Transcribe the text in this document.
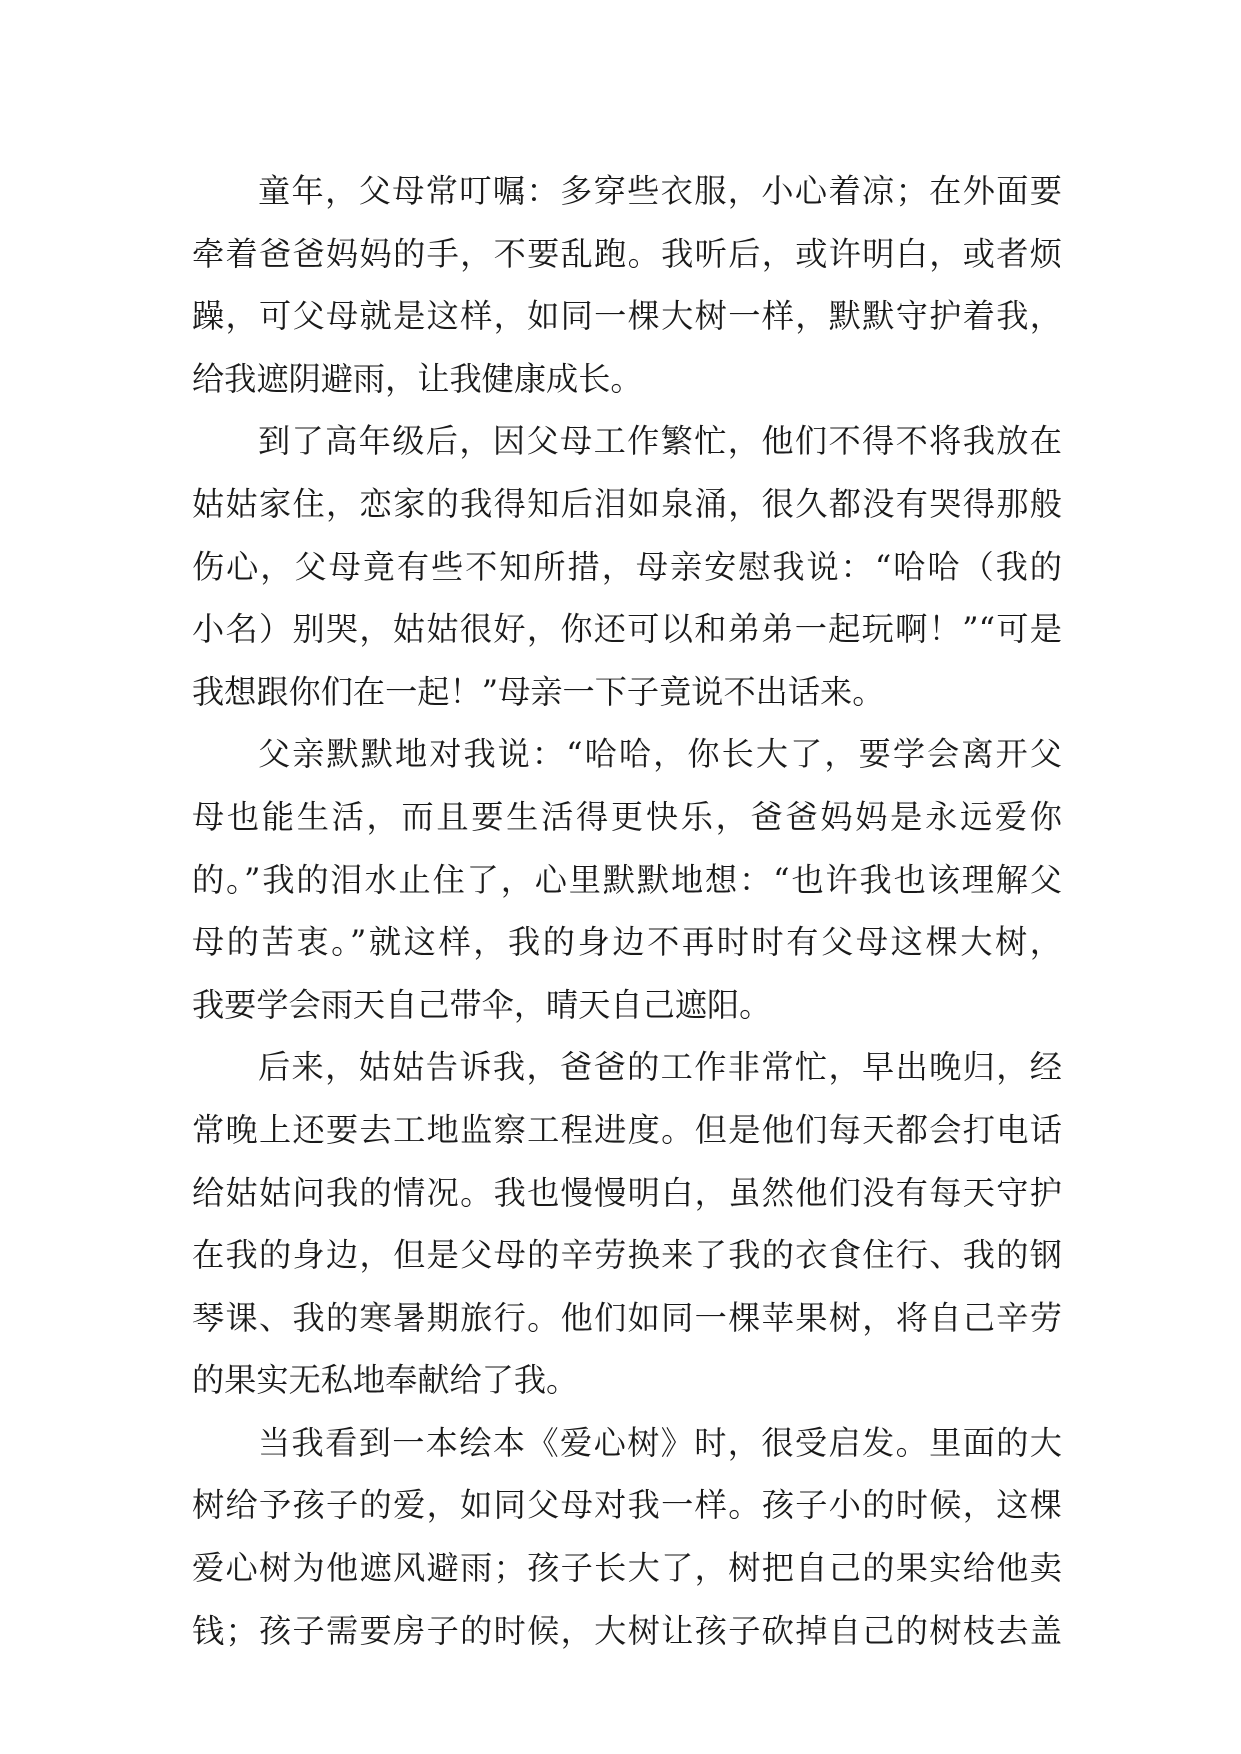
童年，父母常叮嘱：多穿些衣服，小心着凉；在外面要
牵着爸爸妈妈的手，不要乱跑。我听后，或许明白，或者烦
躁，可父母就是这样，如同一棵大树一样，默默守护着我，
给我遮阴避雨，让我健康成长。
到了高年级后，因父母工作繁忙，他们不得不将我放在
姑姑家住，恋家的我得知后泪如泉涌，很久都没有哭得那般
伤心，父母竟有些不知所措，母亲安慰我说：“哈哈（我的
小名）别哭，姑姑很好，你还可以和弟弟一起玩啊！”“可是
我想跟你们在一起！”母亲一下子竟说不出话来。
父亲默默地对我说：“哈哈，你长大了，要学会离开父
母也能生活，而且要生活得更快乐，爸爸妈妈是永远爱你
的。”我的泪水止住了，心里默默地想：“也许我也该理解父
母的苦衷。”就这样，我的身边不再时时有父母这棵大树，
我要学会雨天自己带伞，晴天自己遮阳。
后来，姑姑告诉我，爸爸的工作非常忙，早出晚归，经
常晚上还要去工地监察工程进度。但是他们每天都会打电话
给姑姑问我的情况。我也慢慢明白，虽然他们没有每天守护
在我的身边，但是父母的辛劳换来了我的衣食住行、我的钢
琴课、我的寒暑期旅行。他们如同一棵苹果树，将自己辛劳
的果实无私地奉献给了我。
当我看到一本绘本《爱心树》时，很受启发。里面的大
树给予孩子的爱，如同父母对我一样。孩子小的时候，这棵
爱心树为他遮风避雨；孩子长大了，树把自己的果实给他卖
钱；孩子需要房子的时候，大树让孩子砍掉自己的树枝去盖
